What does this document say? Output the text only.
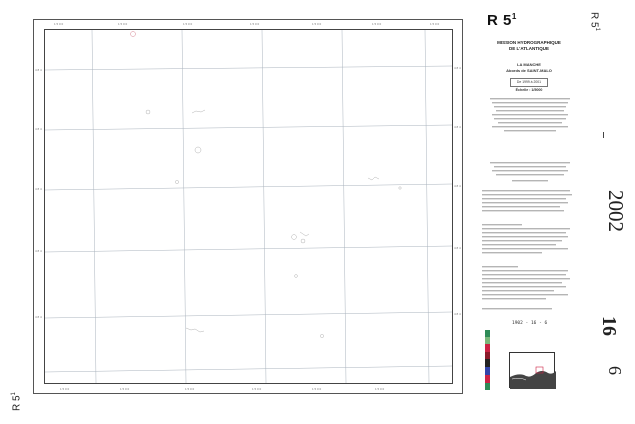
1 5 0 0	1 5 0 0	1 5 0 0	1 5 0 0	1 5 0 0	1 5 0 0	1 5 0 0
1 5 0 0	1 5 0 0	1 5 0 0	1 5 0 0	1 5 0 0	1 5 0 0
4 8 4
4 8 4
4 8 4
4 8 4
4 8 4
4 8 4
4 8 4
4 8 4
4 8 4
4 8 4
R $5^1$
MISSION HYDROGRAPHIQUE
DE L'ATLANTIQUE
LA MANCHE
Abords de SAINT-MALO
De 1999 à 2001
Échelle : 1/5000
1902 - 16 - 6
R $5^1$
R $5^1$
2002
16
6
